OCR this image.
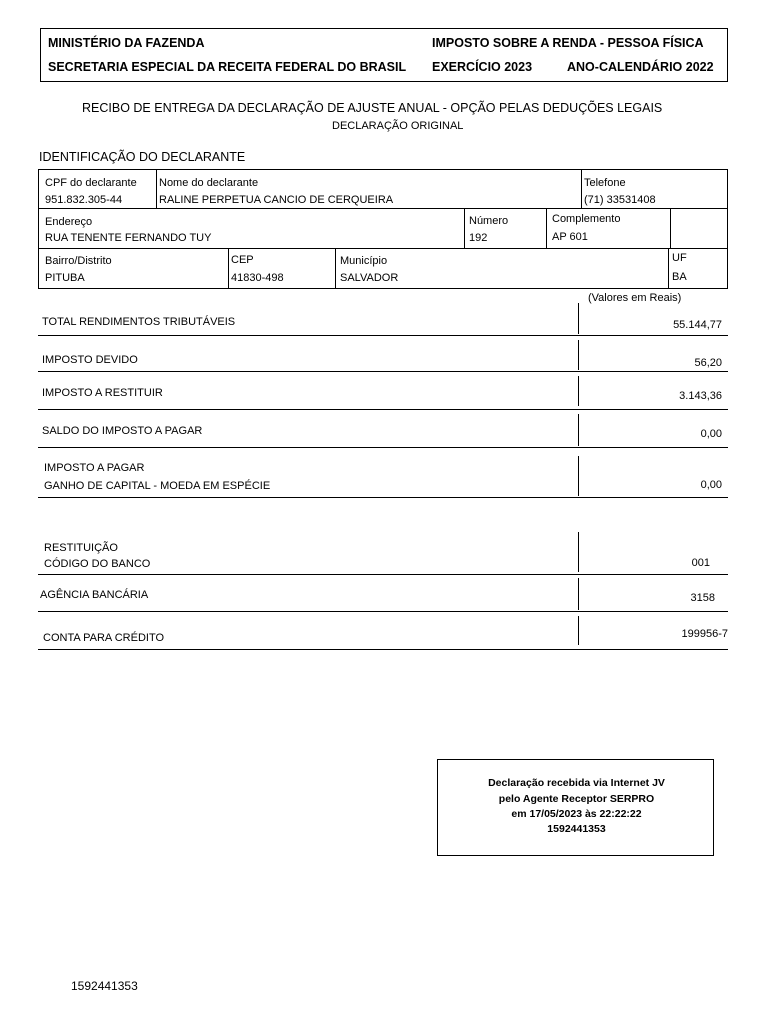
MINISTÉRIO DA FAZENDA
SECRETARIA ESPECIAL DA RECEITA FEDERAL DO BRASIL
IMPOSTO SOBRE A RENDA - PESSOA FÍSICA
EXERCÍCIO 2023	ANO-CALENDÁRIO 2022
RECIBO DE ENTREGA DA DECLARAÇÃO DE AJUSTE ANUAL - OPÇÃO PELAS DEDUÇÕES LEGAIS
DECLARAÇÃO ORIGINAL
IDENTIFICAÇÃO DO DECLARANTE
CPF do declarante
951.832.305-44
Nome do declarante
RALINE PERPETUA CANCIO DE CERQUEIRA
Telefone
(71) 33531408
Endereço
RUA TENENTE FERNANDO TUY
Número
192
Complemento
AP 601
Bairro/Distrito
PITUBA
CEP
41830-498
Município
SALVADOR
UF
BA
(Valores em Reais)
TOTAL RENDIMENTOS TRIBUTÁVEIS	55.144,77
IMPOSTO DEVIDO	56,20
IMPOSTO A RESTITUIR	3.143,36
SALDO DO IMPOSTO A PAGAR	0,00
IMPOSTO A PAGAR
GANHO DE CAPITAL - MOEDA EM ESPÉCIE	0,00
RESTITUIÇÃO
CÓDIGO DO BANCO	001
AGÊNCIA BANCÁRIA	3158
CONTA PARA CRÉDITO	199956-7
Declaração recebida via Internet JV
pelo Agente Receptor SERPRO
em 17/05/2023 às 22:22:22
1592441353
1592441353
